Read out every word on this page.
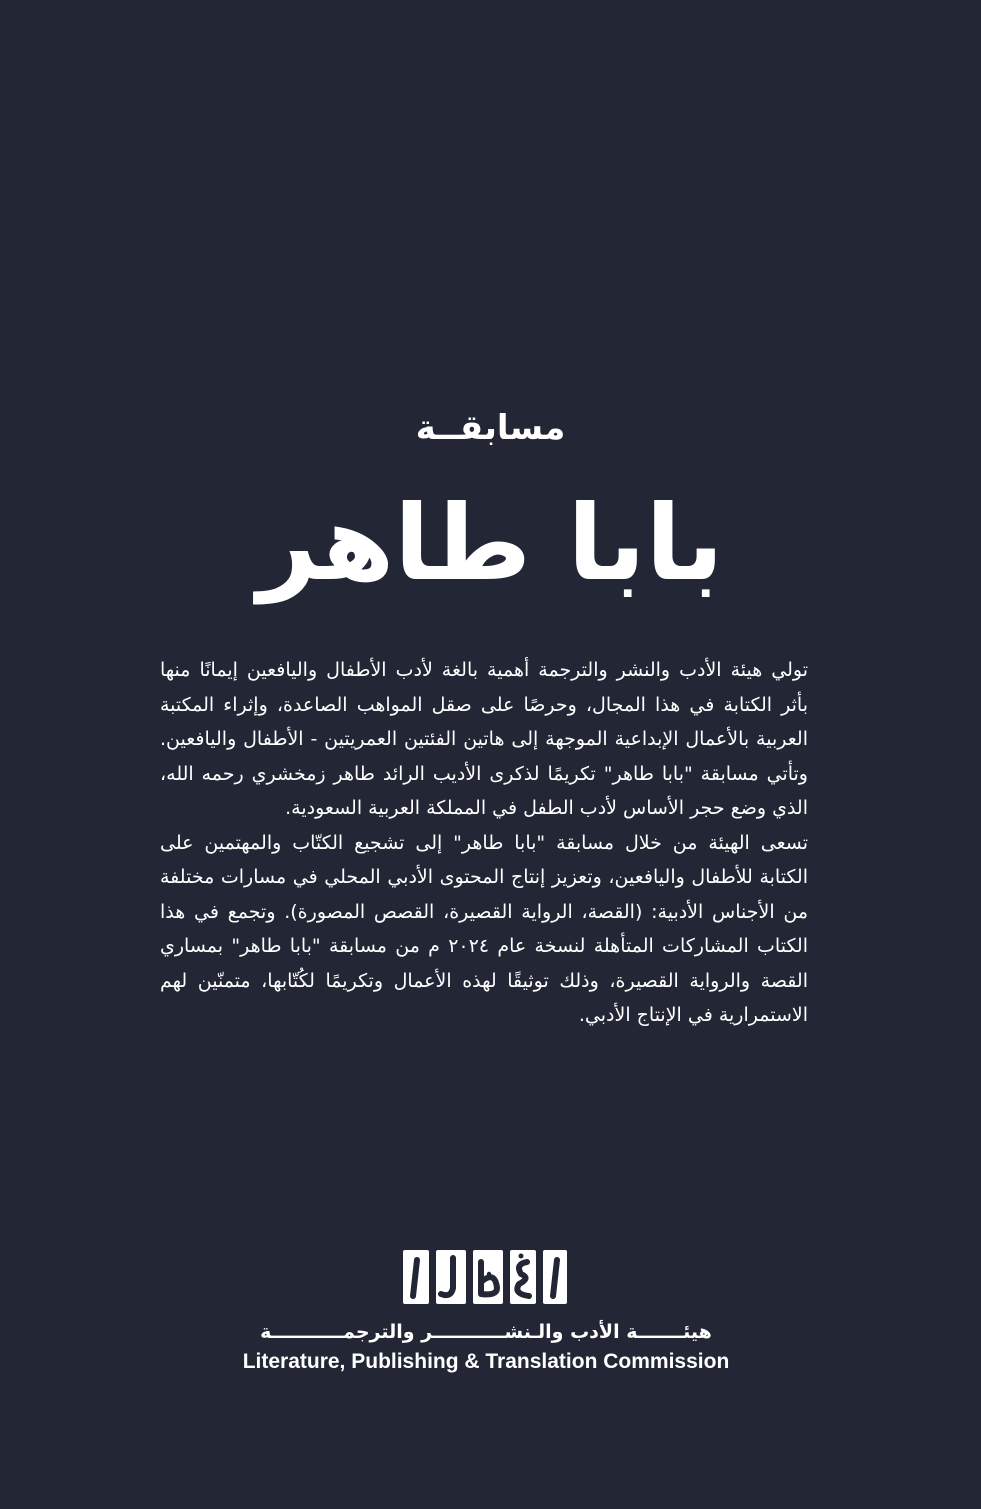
مسابقــة
بابا طاهر

تولي هيئة الأدب والنشر والترجمة أهمية بالغة لأدب الأطفال واليافعين إيمانًا منها بأثر الكتابة في هذا المجال، وحرصًا على صقل المواهب الصاعدة، وإثراء المكتبة العربية بالأعمال الإبداعية الموجهة إلى هاتين الفئتين العمريتين - الأطفال واليافعين. وتأتي مسابقة "بابا طاهر" تكريمًا لذكرى الأديب الرائد طاهر زمخشري رحمه الله، الذي وضع حجر الأساس لأدب الطفل في المملكة العربية السعودية.

تسعى الهيئة من خلال مسابقة "بابا طاهر" إلى تشجيع الكتّاب والمهتمين على الكتابة للأطفال واليافعين، وتعزيز إنتاج المحتوى الأدبي المحلي في مسارات مختلفة من الأجناس الأدبية: (القصة، الرواية القصيرة، القصص المصورة). وتجمع في هذا الكتاب المشاركات المتأهلة لنسخة عام ٢٠٢٤ م من مسابقة "بابا طاهر" بمساري القصة والرواية القصيرة، وذلك توثيقًا لهذه الأعمال وتكريمًا لكُتّابها، متمنّين لهم الاستمرارية في الإنتاج الأدبي.

هيئـــــــة الأدب والـنشـــــــــــر والترجمـــــــــــة
Literature, Publishing & Translation Commission
